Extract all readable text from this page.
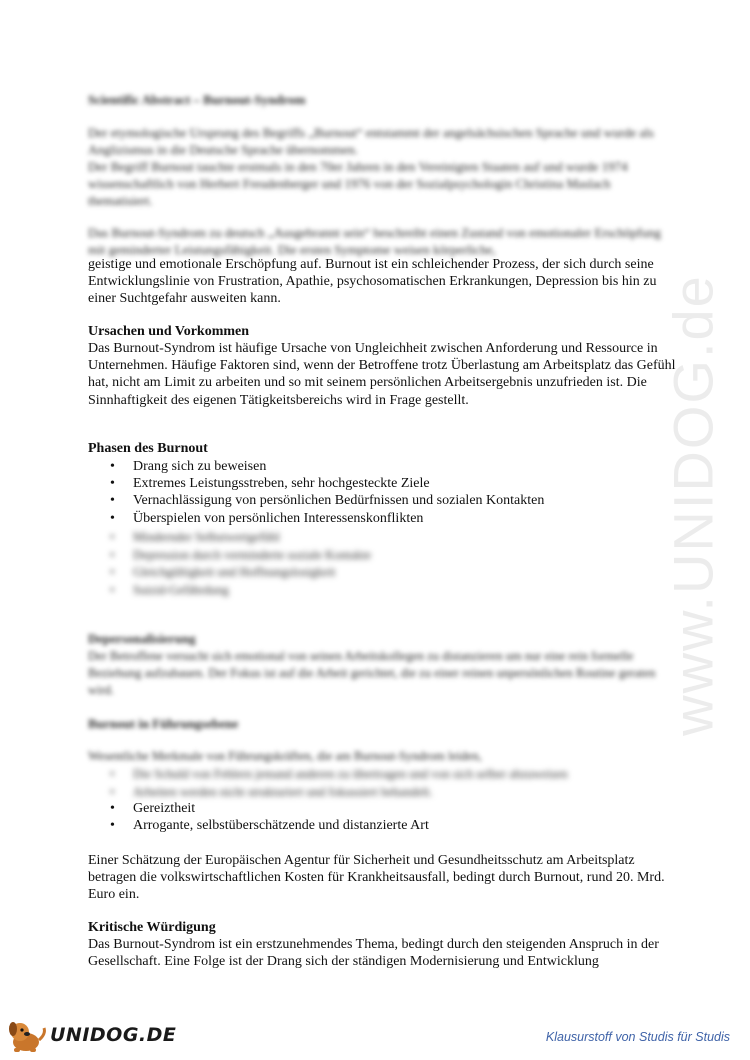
www.UNIDOG.de

Scientific Abstract – Burnout-Syndrom

Der etymologische Ursprung des Begriffs „Burnout“ entstammt der angelsächsischen Sprache und wurde als Anglizismus in die Deutsche Sprache übernommen.

Der Begriff Burnout tauchte erstmals in den 70er Jahren in den Vereinigten Staaten auf und wurde 1974 wissenschaftlich von Herbert Freudenberger und 1976 von der Sozialpsychologin Christina Maslach thematisiert.

Das Burnout-Syndrom zu deutsch „Ausgebrannt sein“ beschreibt einen Zustand von emotionaler Erschöpfung mit geminderter Leistungsfähigkeit. Die ersten Symptome weisen körperliche,

geistige und emotionale Erschöpfung auf. Burnout ist ein schleichender Prozess, der sich durch seine Entwicklungslinie von Frustration, Apathie, psychosomatischen Erkrankungen, Depression bis hin zu einer Suchtgefahr ausweiten kann.

Ursachen und Vorkommen

Das Burnout-Syndrom ist häufige Ursache von Ungleichheit zwischen Anforderung und Ressource in Unternehmen. Häufige Faktoren sind, wenn der Betroffene trotz Überlastung am Arbeitsplatz das Gefühl hat, nicht am Limit zu arbeiten und so mit seinem persönlichen Arbeitsergebnis unzufrieden ist. Die Sinnhaftigkeit des eigenen Tätigkeitsbereichs wird in Frage gestellt.

Phasen des Burnout

• Drang sich zu beweisen
• Extremes Leistungsstreben, sehr hochgesteckte Ziele
• Vernachlässigung von persönlichen Bedürfnissen und sozialen Kontakten
• Überspielen von persönlichen Interessenskonflikten
• Mindernder Selbstwertgefühl
• Depression durch verminderte soziale Kontakte
• Gleichgültigkeit und Hoffnungslosigkeit
• Suizid-Gefährdung

Depersonalisierung

Der Betroffene versucht sich emotional von seinen Arbeitskollegen zu distanzieren um nur eine rein formelle Beziehung aufzubauen. Der Fokus ist auf die Arbeit gerichtet, die zu einer reinen unpersönlichen Routine geraten wird.

Burnout in Führungsebene

Wesentliche Merkmale von Führungskräften, die am Burnout-Syndrom leiden,

• Die Schuld von Fehlern jemand anderen zu übertragen und von sich selber abzuweisen
• Arbeiten werden nicht strukturiert und fokussiert behandelt.
• Gereiztheit
• Arrogante, selbstüberschätzende und distanzierte Art

Einer Schätzung der Europäischen Agentur für Sicherheit und Gesundheitsschutz am Arbeitsplatz betragen die volkswirtschaftlichen Kosten für Krankheitsausfall, bedingt durch Burnout, rund 20. Mrd. Euro ein.

Kritische Würdigung

Das Burnout-Syndrom ist ein erstzunehmendes Thema, bedingt durch den steigenden Anspruch in der Gesellschaft. Eine Folge ist der Drang sich der ständigen Modernisierung und Entwicklung

UNIDOG.DE	Klausurstoff von Studis für Studis
